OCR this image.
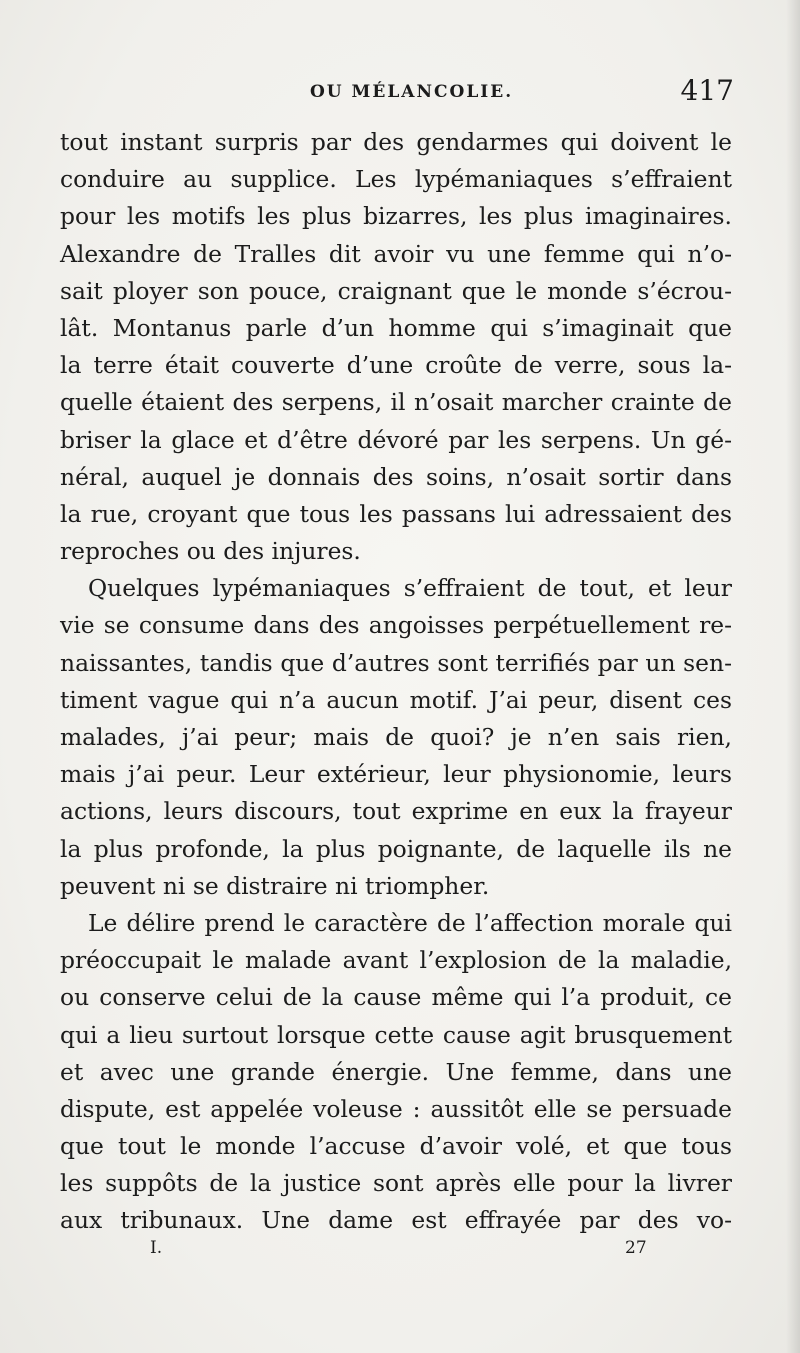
OU MÉLANCOLIE.	417
tout instant surpris par des gendarmes qui doivent le
conduire au supplice. Les lypémaniaques s’effraient
pour les motifs les plus bizarres, les plus imaginaires.
Alexandre de Tralles dit avoir vu une femme qui n’o-
sait ployer son pouce, craignant que le monde s’écrou-
lât. Montanus parle d’un homme qui s’imaginait que
la terre était couverte d’une croûte de verre, sous la-
quelle étaient des serpens, il n’osait marcher crainte de
briser la glace et d’être dévoré par les serpens. Un gé-
néral, auquel je donnais des soins, n’osait sortir dans
la rue, croyant que tous les passans lui adressaient des
reproches ou des injures.
Quelques lypémaniaques s’effraient de tout, et leur
vie se consume dans des angoisses perpétuellement re-
naissantes, tandis que d’autres sont terrifiés par un sen-
timent vague qui n’a aucun motif. J’ai peur, disent ces
malades, j’ai peur; mais de quoi? je n’en sais rien,
mais j’ai peur. Leur extérieur, leur physionomie, leurs
actions, leurs discours, tout exprime en eux la frayeur
la plus profonde, la plus poignante, de laquelle ils ne
peuvent ni se distraire ni triompher.
Le délire prend le caractère de l’affection morale qui
préoccupait le malade avant l’explosion de la maladie,
ou conserve celui de la cause même qui l’a produit, ce
qui a lieu surtout lorsque cette cause agit brusquement
et avec une grande énergie. Une femme, dans une
dispute, est appelée voleuse : aussitôt elle se persuade
que tout le monde l’accuse d’avoir volé, et que tous
les suppôts de la justice sont après elle pour la livrer
aux tribunaux. Une dame est effrayée par des vo-
I.	27
